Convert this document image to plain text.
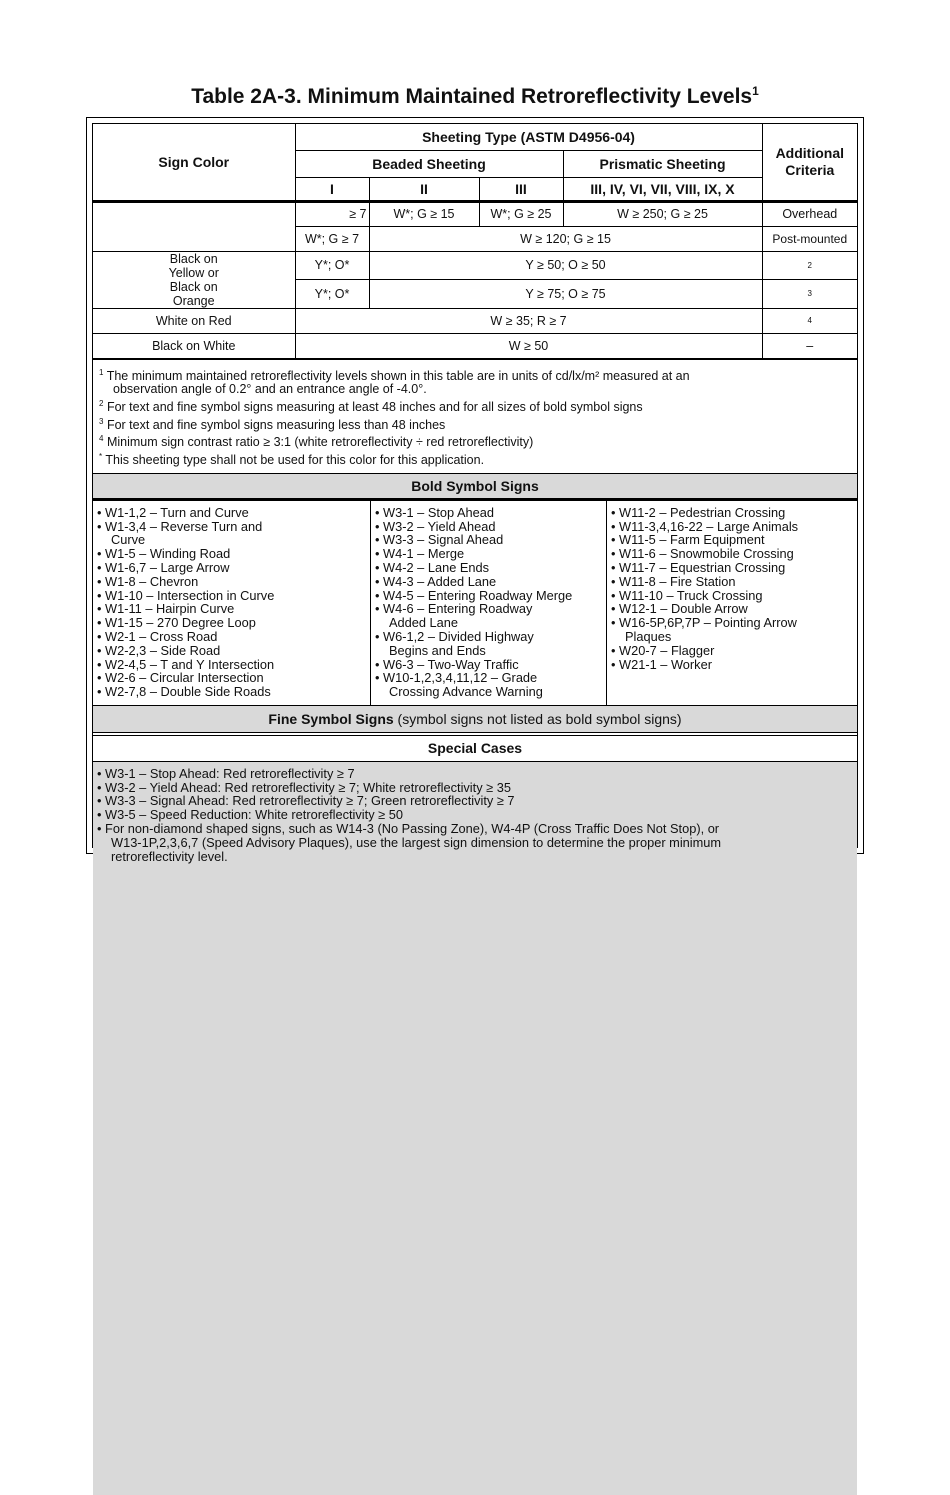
Table 2A-3. Minimum Maintained Retroreflectivity Levels$^1$
Sign Color	Sheeting Type (ASTM D4956-04)				Additional Criteria
	Beaded Sheeting			Prismatic Sheeting	
	I	II	III	III, IV, VI, VII, VIII, IX, X	
	≥ 7	W*; G ≥ 15	W*; G ≥ 25	W ≥ 250; G ≥ 25	Overhead
	W*; G ≥ 7	W ≥ 120; G ≥ 15			Post-mounted
Black on Yellow or Black on Orange	Y*; O*	Y ≥ 50; O ≥ 50			2
	Y*; O*	Y ≥ 75; O ≥ 75			3
White on Red	W ≥ 35; R ≥ 7				4
Black on White	W ≥ 50				–
$^1$ The minimum maintained retroreflectivity levels shown in this table are in units of cd/lx/m² measured at an
observation angle of 0.2° and an entrance angle of -4.0°.
$^2$ For text and fine symbol signs measuring at least 48 inches and for all sizes of bold symbol signs
$^3$ For text and fine symbol signs measuring less than 48 inches
$^4$ Minimum sign contrast ratio ≥ 3:1 (white retroreflectivity ÷ red retroreflectivity)
* This sheeting type shall not be used for this color for this application.
Bold Symbol Signs
• W1-1,2 – Turn and Curve
• W1-3,4 – Reverse Turn and
Curve
• W1-5 – Winding Road
• W1-6,7 – Large Arrow
• W1-8 – Chevron
• W1-10 – Intersection in Curve
• W1-11 – Hairpin Curve
• W1-15 – 270 Degree Loop
• W2-1 – Cross Road
• W2-2,3 – Side Road
• W2-4,5 – T and Y Intersection
• W2-6 – Circular Intersection
• W2-7,8 – Double Side Roads
• W3-1 – Stop Ahead
• W3-2 – Yield Ahead
• W3-3 – Signal Ahead
• W4-1 – Merge
• W4-2 – Lane Ends
• W4-3 – Added Lane
• W4-5 – Entering Roadway Merge
• W4-6 – Entering Roadway
Added Lane
• W6-1,2 – Divided Highway
Begins and Ends
• W6-3 – Two-Way Traffic
• W10-1,2,3,4,11,12 – Grade
Crossing Advance Warning
• W11-2 – Pedestrian Crossing
• W11-3,4,16-22 – Large Animals
• W11-5 – Farm Equipment
• W11-6 – Snowmobile Crossing
• W11-7 – Equestrian Crossing
• W11-8 – Fire Station
• W11-10 – Truck Crossing
• W12-1 – Double Arrow
• W16-5P,6P,7P – Pointing Arrow
Plaques
• W20-7 – Flagger
• W21-1 – Worker
Fine Symbol Signs (symbol signs not listed as bold symbol signs)
Special Cases
• W3-1 – Stop Ahead: Red retroreflectivity ≥ 7
• W3-2 – Yield Ahead: Red retroreflectivity ≥ 7; White retroreflectivity ≥ 35
• W3-3 – Signal Ahead: Red retroreflectivity ≥ 7; Green retroreflectivity ≥ 7
• W3-5 – Speed Reduction: White retroreflectivity ≥ 50
• For non-diamond shaped signs, such as W14-3 (No Passing Zone), W4-4P (Cross Traffic Does Not Stop), or
W13-1P,2,3,6,7 (Speed Advisory Plaques), use the largest sign dimension to determine the proper minimum
retroreflectivity level.
